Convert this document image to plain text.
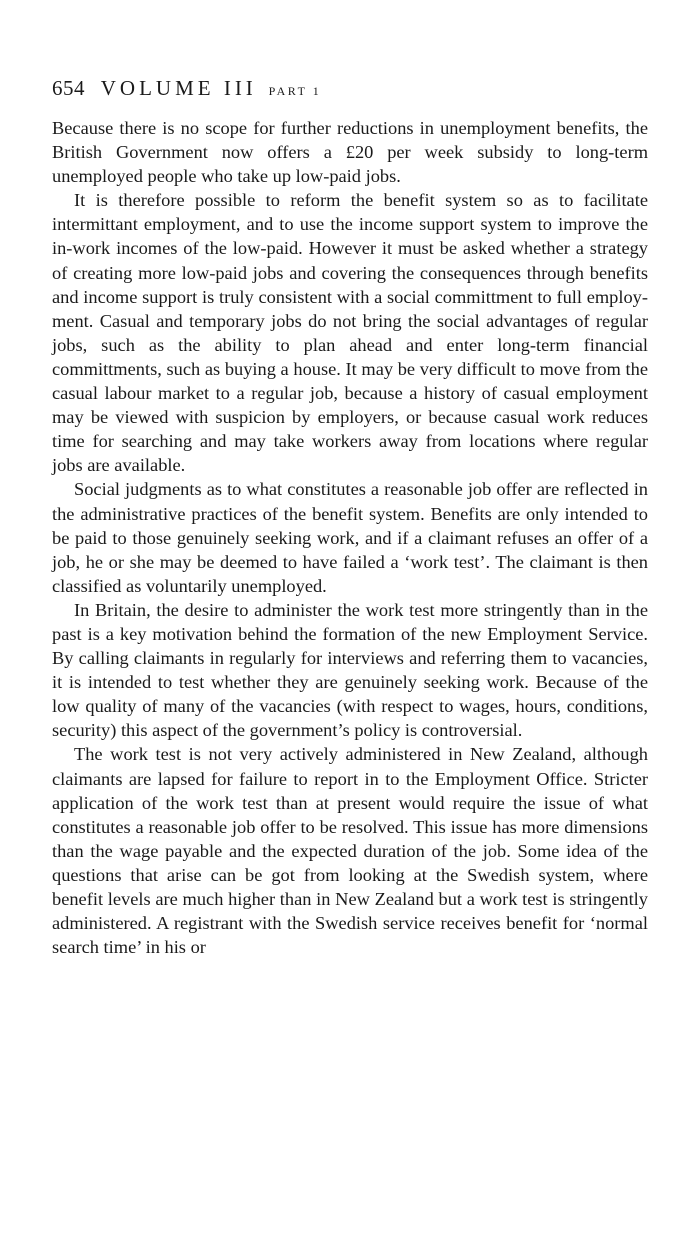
654 VOLUME III PART 1

Because there is no scope for further reductions in unemployment benefits, the British Government now offers a £20 per week subsidy to long-term unemployed people who take up low-paid jobs.

It is therefore possible to reform the benefit system so as to facilitate intermittant employment, and to use the income support system to improve the in-work incomes of the low-paid. However it must be asked whether a strategy of creating more low-paid jobs and covering the consequences through benefits and income support is truly consistent with a social committment to full employment. Casual and temporary jobs do not bring the social advantages of regular jobs, such as the ability to plan ahead and enter long-term financial committments, such as buying a house. It may be very difficult to move from the casual labour market to a regular job, because a history of casual employment may be viewed with suspicion by employers, or because casual work reduces time for searching and may take workers away from locations where regular jobs are available.

Social judgments as to what constitutes a reasonable job offer are reflected in the administrative practices of the benefit system. Benefits are only intended to be paid to those genuinely seeking work, and if a claimant refuses an offer of a job, he or she may be deemed to have failed a ‘work test’. The claimant is then classified as voluntarily unemployed.

In Britain, the desire to administer the work test more stringently than in the past is a key motivation behind the formation of the new Employment Service. By calling claimants in regularly for interviews and referring them to vacancies, it is intended to test whether they are genuinely seeking work. Because of the low quality of many of the vacancies (with respect to wages, hours, conditions, security) this aspect of the government’s policy is controversial.

The work test is not very actively administered in New Zealand, although claimants are lapsed for failure to report in to the Employment Office. Stricter application of the work test than at present would require the issue of what constitutes a reasonable job offer to be resolved. This issue has more dimensions than the wage payable and the expected duration of the job. Some idea of the questions that arise can be got from looking at the Swedish system, where benefit levels are much higher than in New Zealand but a work test is stringently administered. A registrant with the Swedish service receives benefit for ‘normal search time’ in his or
